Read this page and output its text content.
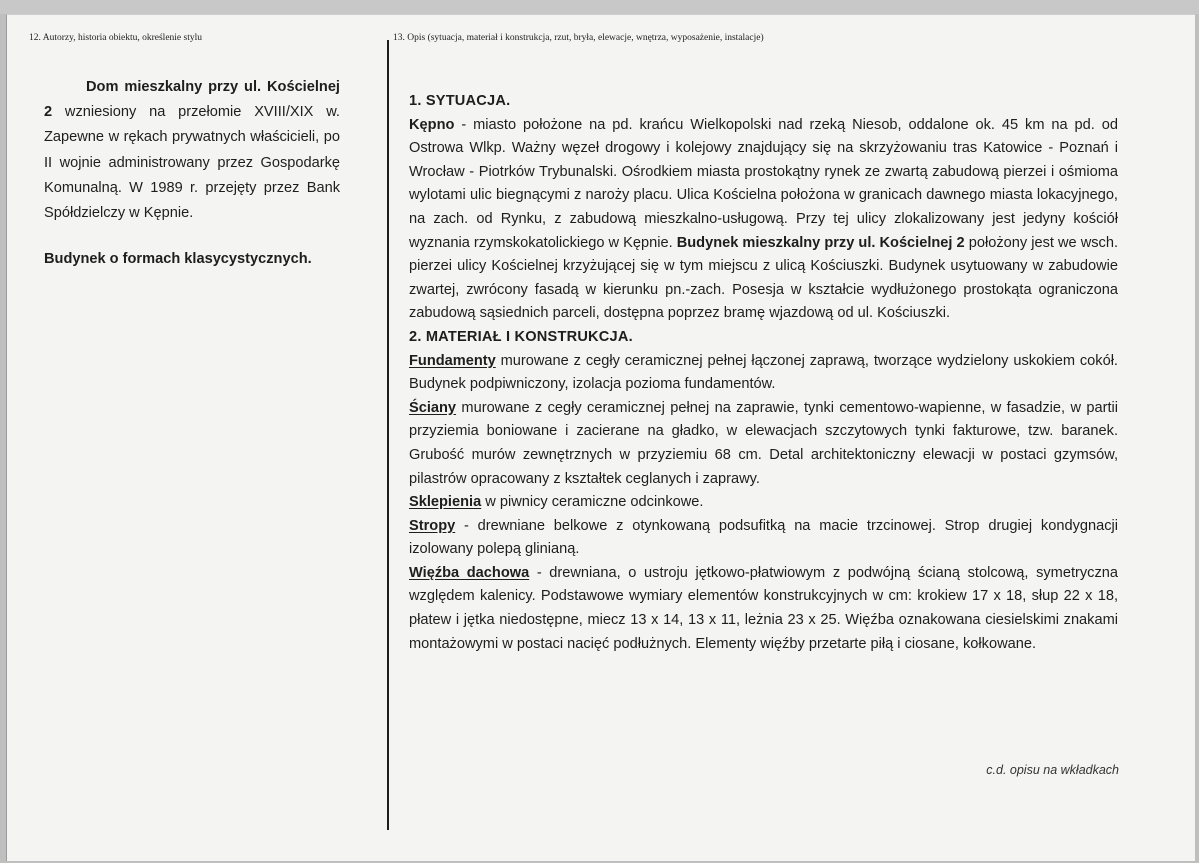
12. Autorzy, historia obiektu, określenie stylu	13. Opis (sytuacja, materiał i konstrukcja, rzut, bryła, elewacje, wnętrza, wyposażenie, instalacje)

Dom mieszkalny przy ul. Kościelnej 2 wzniesiony na przełomie XVIII/XIX w. Zapewne w rękach prywatnych właścicieli, po II wojnie administrowany przez Gospodarkę Komunalną. W 1989 r. przejęty przez Bank Spółdzielczy w Kępnie.

Budynek o formach klasycystycznych.

1. SYTUACJA.

Kępno - miasto położone na pd. krańcu Wielkopolski nad rzeką Niesob, oddalone ok. 45 km na pd. od Ostrowa Wlkp. Ważny węzeł drogowy i kolejowy znajdujący się na skrzyżowaniu tras Katowice - Poznań i Wrocław - Piotrków Trybunalski. Ośrodkiem miasta prostokątny rynek ze zwartą zabudową pierzei i ośmioma wylotami ulic biegnącymi z naroży placu. Ulica Kościelna położona w granicach dawnego miasta lokacyjnego, na zach. od Rynku, z zabudową mieszkalno-usługową. Przy tej ulicy zlokalizowany jest jedyny kościół wyznania rzymskokatolickiego w Kępnie. Budynek mieszkalny przy ul. Kościelnej 2 położony jest we wsch. pierzei ulicy Kościelnej krzyżującej się w tym miejscu z ulicą Kościuszki. Budynek usytuowany w zabudowie zwartej, zwrócony fasadą w kierunku pn.-zach. Posesja w kształcie wydłużonego prostokąta ograniczona zabudową sąsiednich parceli, dostępna poprzez bramę wjazdową od ul. Kościuszki.

2. MATERIAŁ I KONSTRUKCJA.

Fundamenty murowane z cegły ceramicznej pełnej łączonej zaprawą, tworzące wydzielony uskokiem cokół. Budynek podpiwniczony, izolacja pozioma fundamentów.

Ściany murowane z cegły ceramicznej pełnej na zaprawie, tynki cementowo-wapienne, w fasadzie, w partii przyziemia boniowane i zacierane na gładko, w elewacjach szczytowych tynki fakturowe, tzw. baranek. Grubość murów zewnętrznych w przyziemiu 68 cm. Detal architektoniczny elewacji w postaci gzymsów, pilastrów opracowany z kształtek ceglanych i zaprawy.

Sklepienia w piwnicy ceramiczne odcinkowe.

Stropy - drewniane belkowe z otynkowaną podsufitką na macie trzcinowej. Strop drugiej kondygnacji izolowany polepą glinianą.

Więźba dachowa - drewniana, o ustroju jętkowo-płatwiowym z podwójną ścianą stolcową, symetryczna względem kalenicy. Podstawowe wymiary elementów konstrukcyjnych w cm: krokiew 17 x 18, słup 22 x 18, płatew i jętka niedostępne, miecz 13 x 14, 13 x 11, leżnia 23 x 25. Więźba oznakowana ciesielskimi znakami montażowymi w postaci nacięć podłużnych. Elementy więźby przetarte piłą i ciosane, kołkowane.

c.d. opisu na wkładkach
